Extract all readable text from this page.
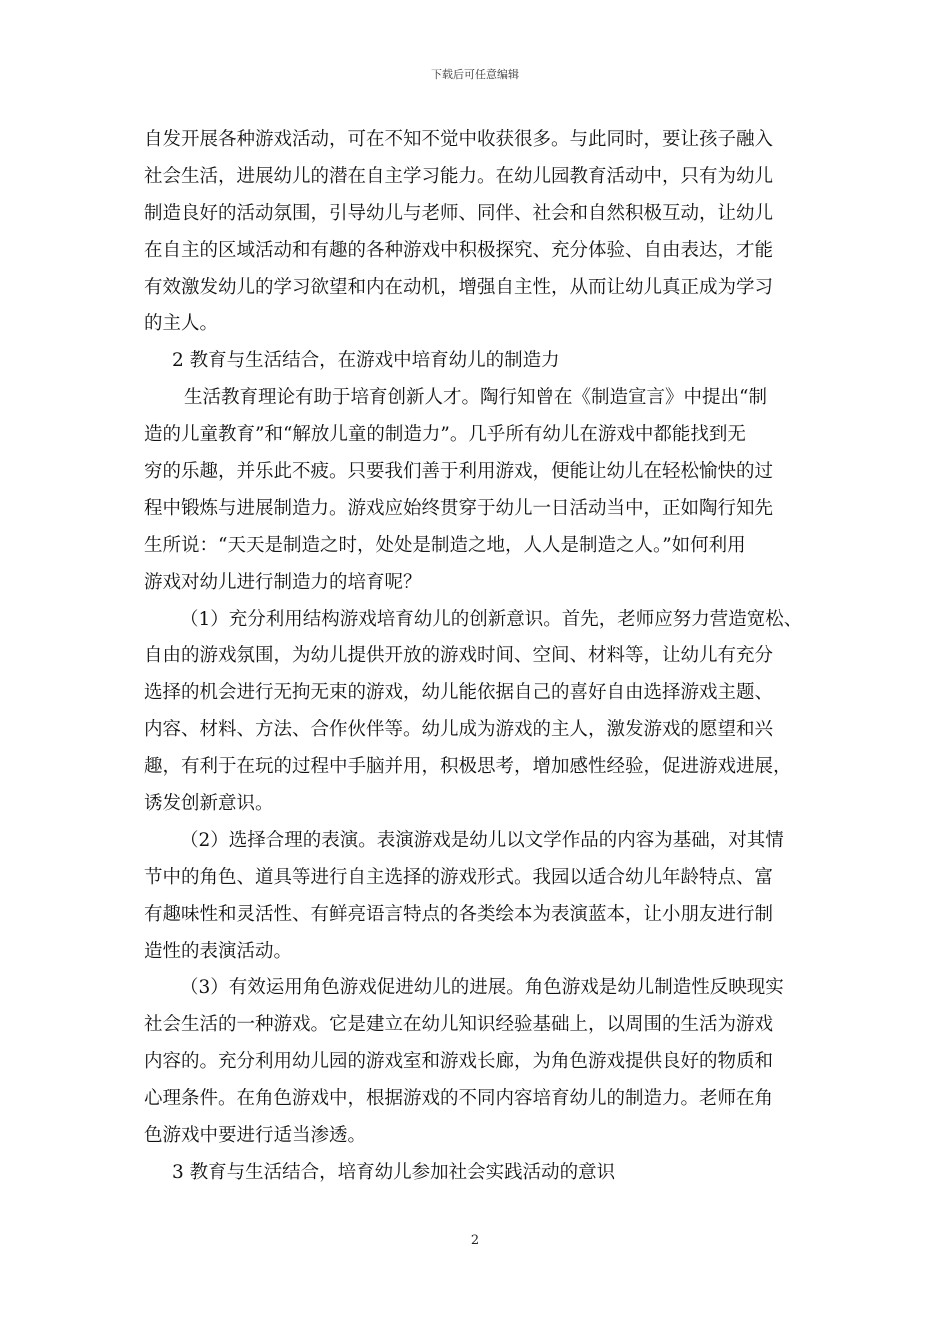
下载后可任意编辑
自发开展各种游戏活动，可在不知不觉中收获很多。与此同时，要让孩子融入
社会生活，进展幼儿的潜在自主学习能力。在幼儿园教育活动中，只有为幼儿
制造良好的活动氛围，引导幼儿与老师、同伴、社会和自然积极互动，让幼儿
在自主的区域活动和有趣的各种游戏中积极探究、充分体验、自由表达，才能
有效激发幼儿的学习欲望和内在动机，增强自主性，从而让幼儿真正成为学习
的主人。
2 教育与生活结合，在游戏中培育幼儿的制造力
生活教育理论有助于培育创新人才。陶行知曾在《制造宣言》中提出“制
造的儿童教育”和“解放儿童的制造力”。几乎所有幼儿在游戏中都能找到无
穷的乐趣，并乐此不疲。只要我们善于利用游戏，便能让幼儿在轻松愉快的过
程中锻炼与进展制造力。游戏应始终贯穿于幼儿一日活动当中，正如陶行知先
生所说：“天天是制造之时，处处是制造之地，人人是制造之人。”如何利用
游戏对幼儿进行制造力的培育呢？
（1）充分利用结构游戏培育幼儿的创新意识。首先，老师应努力营造宽松、
自由的游戏氛围，为幼儿提供开放的游戏时间、空间、材料等，让幼儿有充分
选择的机会进行无拘无束的游戏，幼儿能依据自己的喜好自由选择游戏主题、
内容、材料、方法、合作伙伴等。幼儿成为游戏的主人，激发游戏的愿望和兴
趣，有利于在玩的过程中手脑并用，积极思考，增加感性经验，促进游戏进展，
诱发创新意识。
（2）选择合理的表演。表演游戏是幼儿以文学作品的内容为基础，对其情
节中的角色、道具等进行自主选择的游戏形式。我园以适合幼儿年龄特点、富
有趣味性和灵活性、有鲜亮语言特点的各类绘本为表演蓝本，让小朋友进行制
造性的表演活动。
（3）有效运用角色游戏促进幼儿的进展。角色游戏是幼儿制造性反映现实
社会生活的一种游戏。它是建立在幼儿知识经验基础上，以周围的生活为游戏
内容的。充分利用幼儿园的游戏室和游戏长廊，为角色游戏提供良好的物质和
心理条件。在角色游戏中，根据游戏的不同内容培育幼儿的制造力。老师在角
色游戏中要进行适当渗透。
3 教育与生活结合，培育幼儿参加社会实践活动的意识
2
